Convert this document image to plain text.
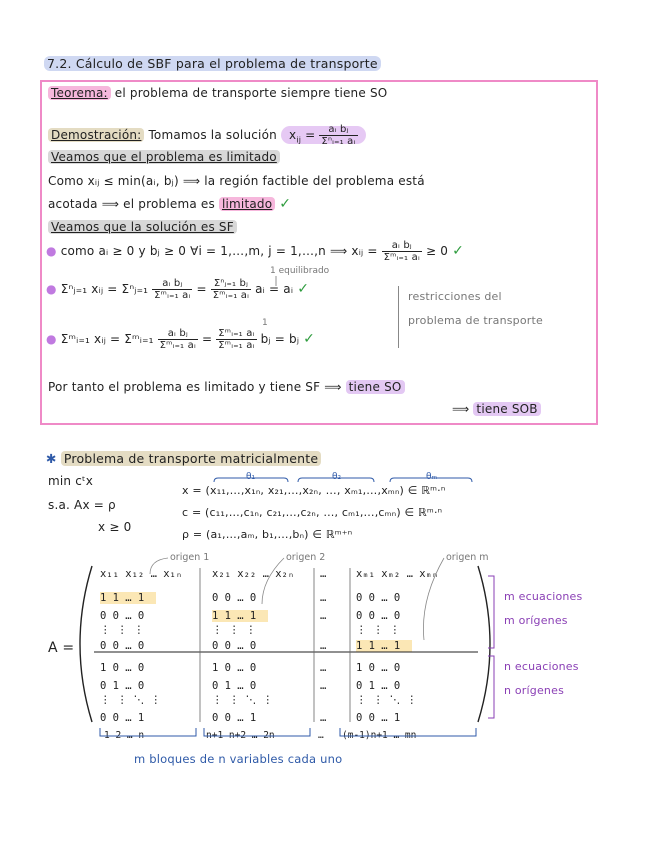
7.2. Cálculo de SBF para el problema de transporte
Teorema: el problema de transporte siempre tiene SO
Demostración: Tomamos la solución $x_{ij} = \frac{\text{aᵢ bⱼ}}{\text{Σⁿᵢ₌₁ aᵢ}}$
Veamos que el problema es limitado
Como xᵢⱼ ≤ min(aᵢ, bⱼ) ⟹ la región factible del problema está
acotada ⟹ el problema es limitado ✓
Veamos que la solución es SF
● como aᵢ ≥ 0 y bⱼ ≥ 0 ∀i = 1,…,m, j = 1,…,n ⟹ xᵢⱼ = $\frac{\text{aᵢ bⱼ}}{\text{Σᵐᵢ₌₁ aᵢ}} \ge 0$ ✓
1 equilibrado
● Σⁿⱼ₌₁ xᵢⱼ = Σⁿⱼ₌₁ $\frac{\text{aᵢ bⱼ}}{\text{Σᵐᵢ₌₁ aᵢ}} = \frac{\text{Σⁿⱼ₌₁ bⱼ}}{\text{Σᵐᵢ₌₁ aᵢ}}$ aᵢ = aᵢ ✓
1
● Σᵐᵢ₌₁ xᵢⱼ = Σᵐᵢ₌₁ $\frac{\text{aᵢ bⱼ}}{\text{Σᵐᵢ₌₁ aᵢ}} = \frac{\text{Σᵐᵢ₌₁ aᵢ}}{\text{Σᵐᵢ₌₁ aᵢ}}$ bⱼ = bⱼ ✓
restricciones del
problema de transporte
Por tanto el problema es limitado y tiene SF ⟹ tiene SO
⟹ tiene SOB
✱ Problema de transporte matricialmente
min cᵗx
s.a. Ax = ρ
x ≥ 0
θ₁	θ₂	θₘ
x = (x₁₁,…,x₁ₙ, x₂₁,…,x₂ₙ, …, xₘ₁,…,xₘₙ) ∈ ℝᵐ·ⁿ
c = (c₁₁,…,c₁ₙ, c₂₁,…,c₂ₙ, …, cₘ₁,…,cₘₙ) ∈ ℝᵐ·ⁿ
ρ = (a₁,…,aₘ, b₁,…,bₙ) ∈ ℝᵐ⁺ⁿ
origen 1	origen 2	origen m
A =
x₁₁ x₁₂ … x₁ₙ	x₂₁ x₂₂ … x₂ₙ …	xₘ₁ xₘ₂ … xₘₙ
1 1 … 1	0 0 … 0	…	0 0 … 0
0 0 … 0	1 1 … 1	…	0 0 … 0
⋮ ⋮ ⋮	⋮ ⋮ ⋮	⋮ ⋮ ⋮
0 0 … 0	0 0 … 0	…	1 1 … 1
1 0 … 0	1 0 … 0	…	1 0 … 0
0 1 … 0	0 1 … 0	…	0 1 … 0
⋮ ⋮ ⋱ ⋮	⋮ ⋮ ⋱ ⋮	⋮ ⋮ ⋱ ⋮
0 0 … 1	0 0 … 1	…	0 0 … 1
m ecuaciones
m orígenes
n ecuaciones
n orígenes
1 2 … n	n+1 n+2 … 2n	… (m-1)n+1 … mn
m bloques de n variables cada uno
